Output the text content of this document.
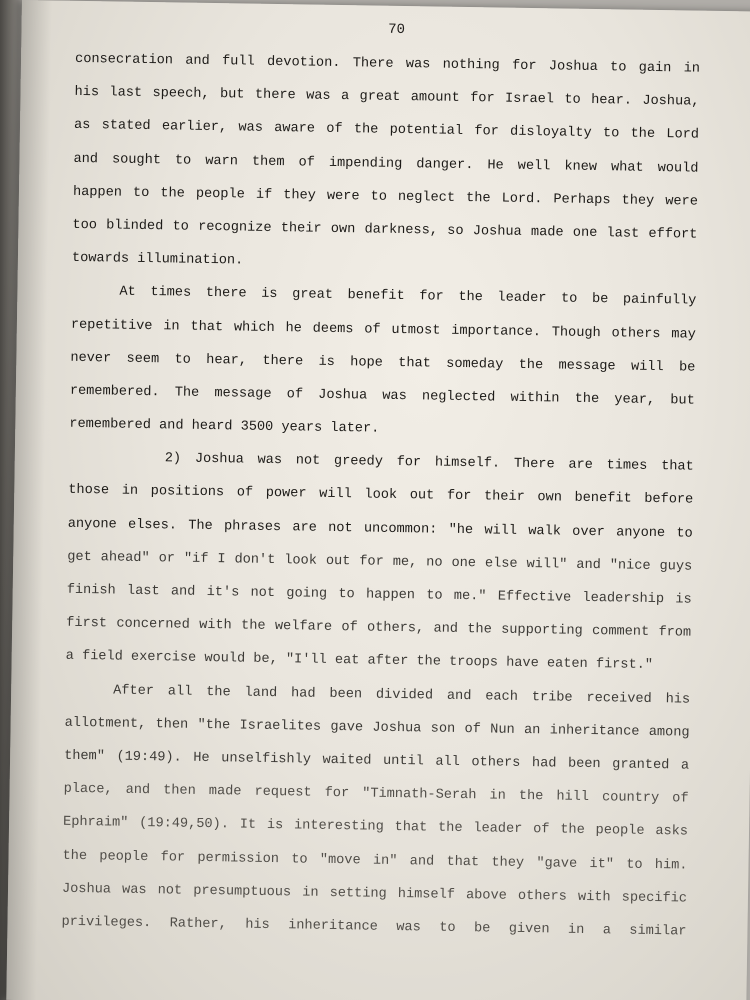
70
consecration and full devotion. There was nothing for Joshua to gain in
his last speech, but there was a great amount for Israel to hear. Joshua,
as stated earlier, was aware of the potential for disloyalty to the Lord
and sought to warn them of impending danger. He well knew what would
happen to the people if they were to neglect the Lord. Perhaps they were
too blinded to recognize their own darkness, so Joshua made one last effort
towards illumination.
At times there is great benefit for the leader to be painfully
repetitive in that which he deems of utmost importance. Though others may
never seem to hear, there is hope that someday the message will be
remembered. The message of Joshua was neglected within the year, but
remembered and heard 3500 years later.
2) Joshua was not greedy for himself. There are times that
those in positions of power will look out for their own benefit before
anyone elses. The phrases are not uncommon: "he will walk over anyone to
get ahead" or "if I don't look out for me, no one else will" and "nice guys
finish last and it's not going to happen to me." Effective leadership is
first concerned with the welfare of others, and the supporting comment from
a field exercise would be, "I'll eat after the troops have eaten first."
After all the land had been divided and each tribe received his
allotment, then "the Israelites gave Joshua son of Nun an inheritance among
them" (19:49). He unselfishly waited until all others had been granted a
place, and then made request for "Timnath-Serah in the hill country of
Ephraim" (19:49,50). It is interesting that the leader of the people asks
the people for permission to "move in" and that they "gave it" to him.
Joshua was not presumptuous in setting himself above others with specific
privileges. Rather, his inheritance was to be given in a similar
